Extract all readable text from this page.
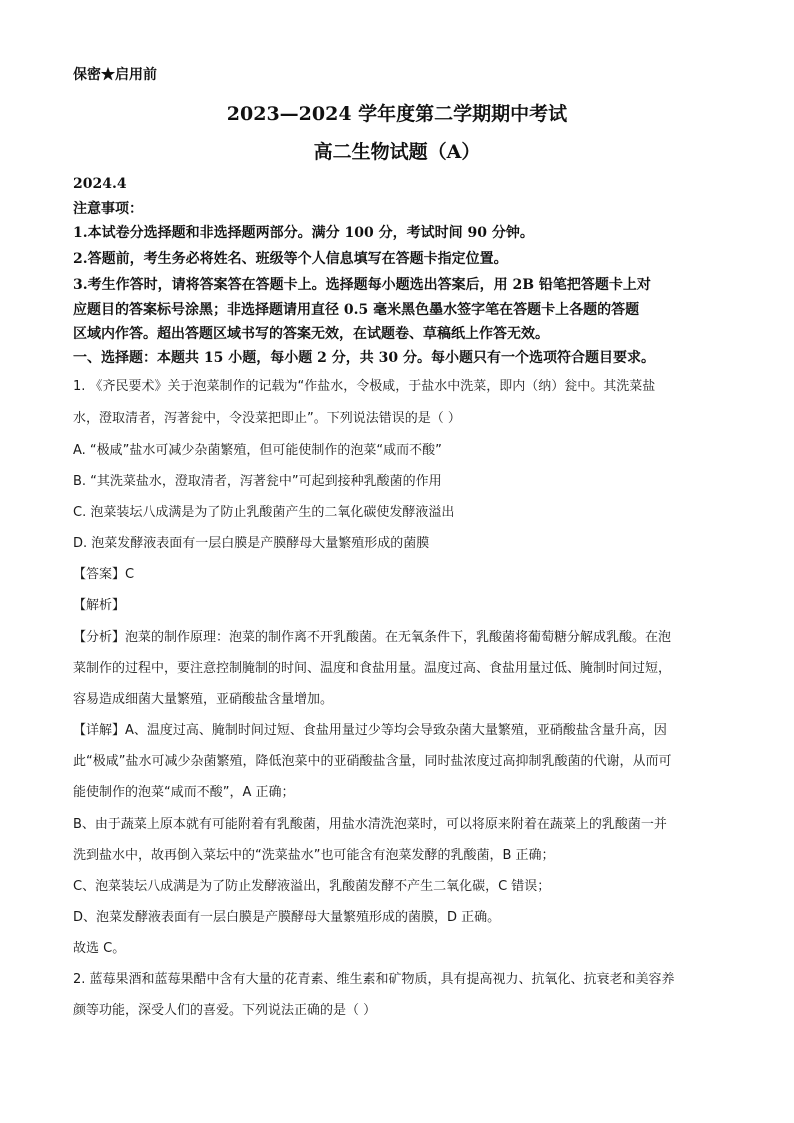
保密★启用前
2023—2024 学年度第二学期期中考试
高二生物试题（A）
2024.4
注意事项：
1.本试卷分选择题和非选择题两部分。满分 100 分，考试时间 90 分钟。
2.答题前，考生务必将姓名、班级等个人信息填写在答题卡指定位置。
3.考生作答时，请将答案答在答题卡上。选择题每小题选出答案后，用 2B 铅笔把答题卡上对
应题目的答案标号涂黑；非选择题请用直径 0.5 毫米黑色墨水签字笔在答题卡上各题的答题
区域内作答。超出答题区域书写的答案无效，在试题卷、草稿纸上作答无效。
一、选择题：本题共 15 小题，每小题 2 分，共 30 分。每小题只有一个选项符合题目要求。
1. 《齐民要术》关于泡菜制作的记载为“作盐水，令极咸，于盐水中洗菜，即内（纳）瓮中。其洗菜盐
水，澄取清者，泻著瓮中，令没菜把即止”。下列说法错误的是（ ）
A. “极咸”盐水可减少杂菌繁殖，但可能使制作的泡菜“咸而不酸”
B. “其洗菜盐水，澄取清者，泻著瓮中”可起到接种乳酸菌的作用
C. 泡菜装坛八成满是为了防止乳酸菌产生的二氧化碳使发酵液溢出
D. 泡菜发酵液表面有一层白膜是产膜酵母大量繁殖形成的菌膜
【答案】C
【解析】
【分析】泡菜的制作原理：泡菜的制作离不开乳酸菌。在无氧条件下，乳酸菌将葡萄糖分解成乳酸。在泡
菜制作的过程中，要注意控制腌制的时间、温度和食盐用量。温度过高、食盐用量过低、腌制时间过短，
容易造成细菌大量繁殖，亚硝酸盐含量增加。
【详解】A、温度过高、腌制时间过短、食盐用量过少等均会导致杂菌大量繁殖，亚硝酸盐含量升高，因
此“极咸”盐水可减少杂菌繁殖，降低泡菜中的亚硝酸盐含量，同时盐浓度过高抑制乳酸菌的代谢，从而可
能使制作的泡菜“咸而不酸”，A 正确；
B、由于蔬菜上原本就有可能附着有乳酸菌，用盐水清洗泡菜时，可以将原来附着在蔬菜上的乳酸菌一并
洗到盐水中，故再倒入菜坛中的“洗菜盐水”也可能含有泡菜发酵的乳酸菌，B 正确；
C、泡菜装坛八成满是为了防止发酵液溢出，乳酸菌发酵不产生二氧化碳，C 错误；
D、泡菜发酵液表面有一层白膜是产膜酵母大量繁殖形成的菌膜，D 正确。
故选 C。
2. 蓝莓果酒和蓝莓果醋中含有大量的花青素、维生素和矿物质，具有提高视力、抗氧化、抗衰老和美容养
颜等功能，深受人们的喜爱。下列说法正确的是（ ）
